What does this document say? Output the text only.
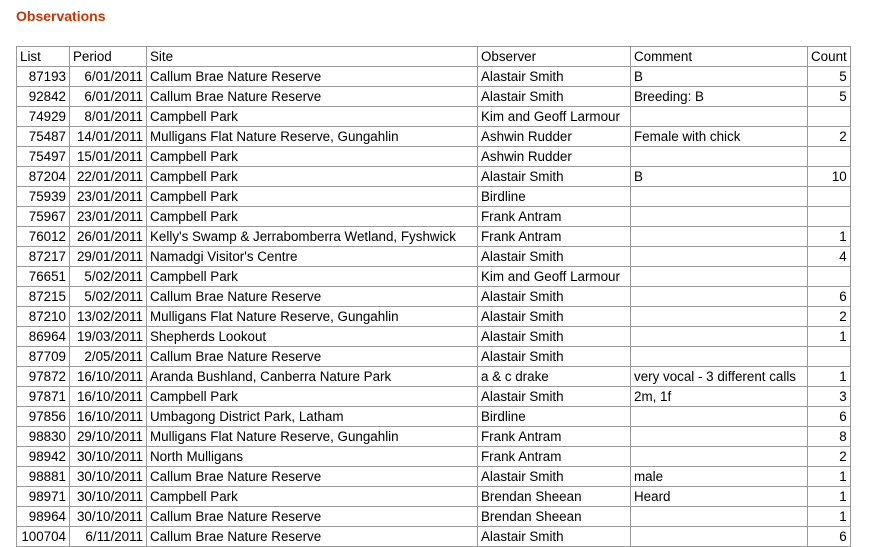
Observations
List	Period	Site	Observer	Comment	Count
87193	6/01/2011	Callum Brae Nature Reserve	Alastair Smith	B	5
92842	6/01/2011	Callum Brae Nature Reserve	Alastair Smith	Breeding: B	5
74929	8/01/2011	Campbell Park	Kim and Geoff Larmour		
75487	14/01/2011	Mulligans Flat Nature Reserve, Gungahlin	Ashwin Rudder	Female with chick	2
75497	15/01/2011	Campbell Park	Ashwin Rudder		
87204	22/01/2011	Campbell Park	Alastair Smith	B	10
75939	23/01/2011	Campbell Park	Birdline		
75967	23/01/2011	Campbell Park	Frank Antram		
76012	26/01/2011	Kelly's Swamp & Jerrabomberra Wetland, Fyshwick	Frank Antram		1
87217	29/01/2011	Namadgi Visitor's Centre	Alastair Smith		4
76651	5/02/2011	Campbell Park	Kim and Geoff Larmour		
87215	5/02/2011	Callum Brae Nature Reserve	Alastair Smith		6
87210	13/02/2011	Mulligans Flat Nature Reserve, Gungahlin	Alastair Smith		2
86964	19/03/2011	Shepherds Lookout	Alastair Smith		1
87709	2/05/2011	Callum Brae Nature Reserve	Alastair Smith		
97872	16/10/2011	Aranda Bushland, Canberra Nature Park	a & c drake	very vocal - 3 different calls	1
97871	16/10/2011	Campbell Park	Alastair Smith	2m, 1f	3
97856	16/10/2011	Umbagong District Park, Latham	Birdline		6
98830	29/10/2011	Mulligans Flat Nature Reserve, Gungahlin	Frank Antram		8
98942	30/10/2011	North Mulligans	Frank Antram		2
98881	30/10/2011	Callum Brae Nature Reserve	Alastair Smith	male	1
98971	30/10/2011	Campbell Park	Brendan Sheean	Heard	1
98964	30/10/2011	Callum Brae Nature Reserve	Brendan Sheean		1
100704	6/11/2011	Callum Brae Nature Reserve	Alastair Smith		6
